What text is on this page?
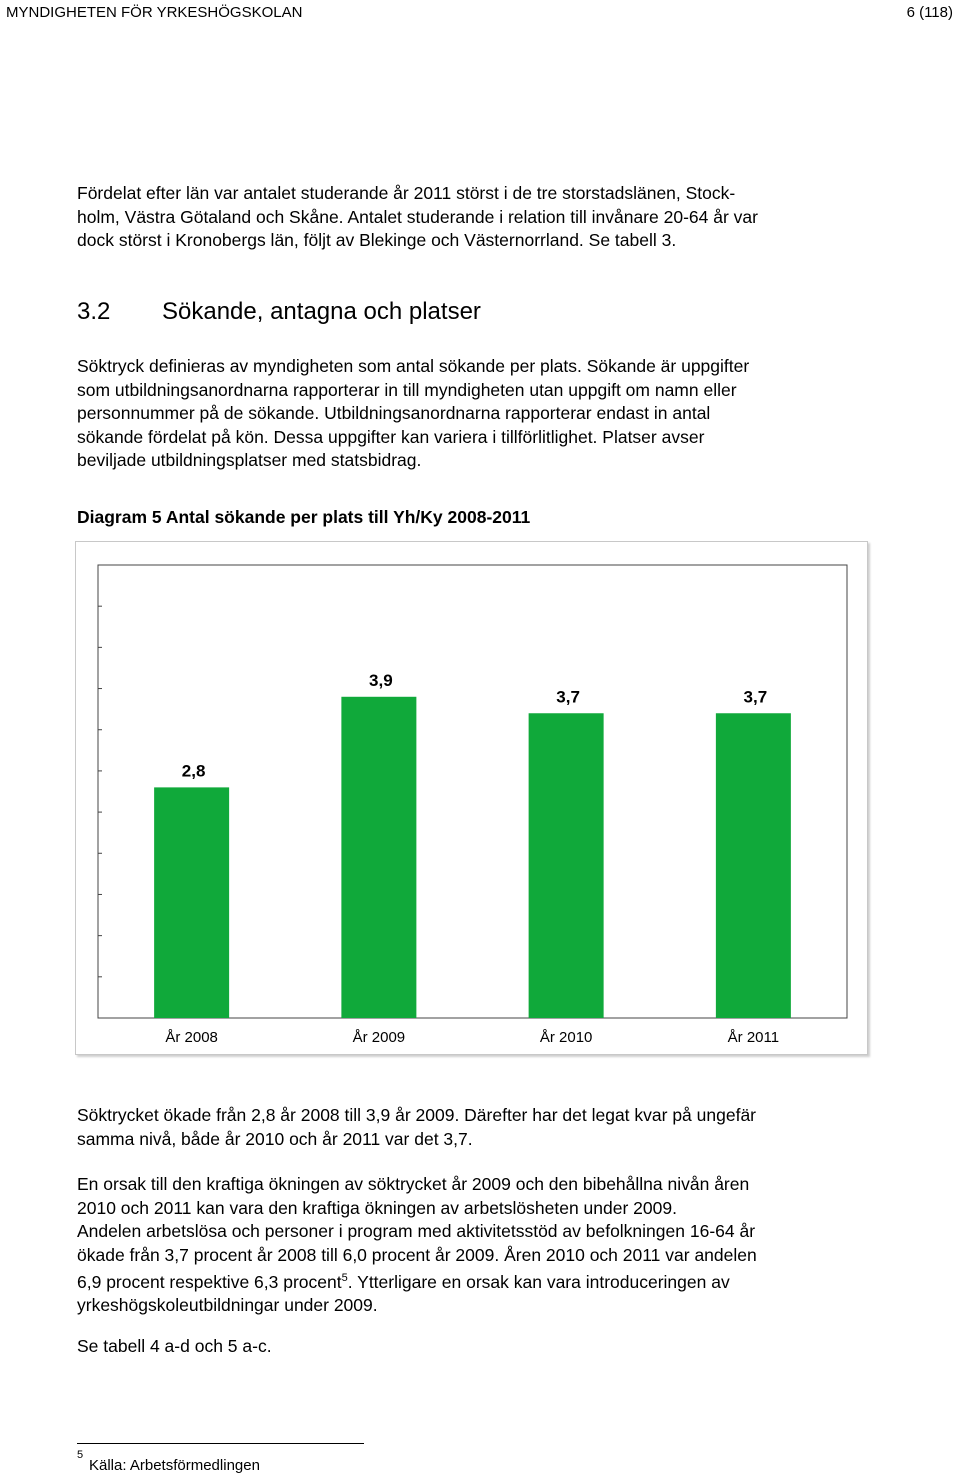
MYNDIGHETEN FÖR YRKESHÖGSKOLAN	6 (118)

Fördelat efter län var antalet studerande år 2011 störst i de tre storstadslänen, Stock-

holm, Västra Götaland och Skåne. Antalet studerande i relation till invånare 20-64 år var

dock störst i Kronobergs län, följt av Blekinge och Västernorrland. Se tabell 3.

3.2 Sökande, antagna och platser

Söktryck definieras av myndigheten som antal sökande per plats. Sökande är uppgifter

som utbildningsanordnarna rapporterar in till myndigheten utan uppgift om namn eller

personnummer på de sökande. Utbildningsanordnarna rapporterar endast in antal

sökande fördelat på kön. Dessa uppgifter kan variera i tillförlitlighet. Platser avser

beviljade utbildningsplatser med statsbidrag.

Diagram 5 Antal sökande per plats till Yh/Ky 2008-2011
2,8
År 2008
3,9
År 2009
3,7
År 2010
3,7
År 2011

Söktrycket ökade från 2,8 år 2008 till 3,9 år 2009. Därefter har det legat kvar på ungefär

samma nivå, både år 2010 och år 2011 var det 3,7.

En orsak till den kraftiga ökningen av söktrycket år 2009 och den bibehållna nivån åren

2010 och 2011 kan vara den kraftiga ökningen av arbetslösheten under 2009.

Andelen arbetslösa och personer i program med aktivitetsstöd av befolkningen 16-64 år

ökade från 3,7 procent år 2008 till 6,0 procent år 2009. Åren 2010 och 2011 var andelen

6,9 procent respektive 6,3 procent$^5$. Ytterligare en orsak kan vara introduceringen av

yrkeshögskoleutbildningar under 2009.

Se tabell 4 a-d och 5 a-c.
5
Källa: Arbetsförmedlingen
